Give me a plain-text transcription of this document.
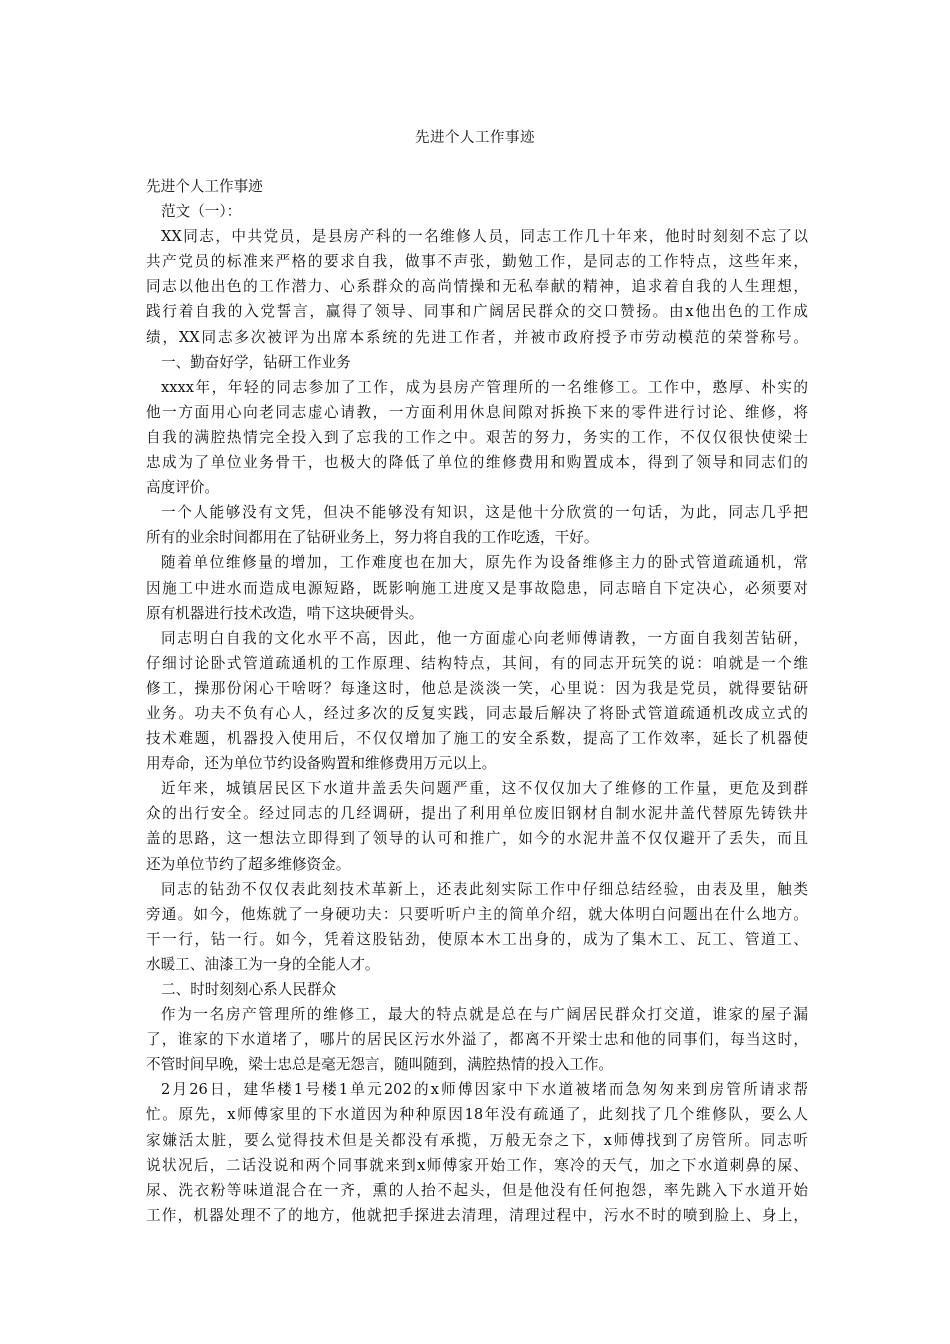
先进个人工作事迹
先进个人工作事迹
范文（一）：
XX同志，中共党员，是县房产科的一名维修人员，同志工作几十年来，他时时刻刻不忘了以
共产党员的标准来严格的要求自我，做事不声张，勤勉工作，是同志的工作特点，这些年来，
同志以他出色的工作潜力、心系群众的高尚情操和无私奉献的精神，追求着自我的人生理想，
践行着自我的入党誓言，赢得了领导、同事和广阔居民群众的交口赞扬。由x他出色的工作成
绩，XX同志多次被评为出席本系统的先进工作者，并被市政府授予市劳动模范的荣誉称号。
一、勤奋好学，钻研工作业务
xxxx年，年轻的同志参加了工作，成为县房产管理所的一名维修工。工作中，憨厚、朴实的
他一方面用心向老同志虚心请教，一方面利用休息间隙对拆换下来的零件进行讨论、维修，将
自我的满腔热情完全投入到了忘我的工作之中。艰苦的努力，务实的工作，不仅仅很快使梁士
忠成为了单位业务骨干，也极大的降低了单位的维修费用和购置成本，得到了领导和同志们的
高度评价。
一个人能够没有文凭，但决不能够没有知识，这是他十分欣赏的一句话，为此，同志几乎把
所有的业余时间都用在了钻研业务上，努力将自我的工作吃透，干好。
随着单位维修量的增加，工作难度也在加大，原先作为设备维修主力的卧式管道疏通机，常
因施工中进水而造成电源短路，既影响施工进度又是事故隐患，同志暗自下定决心，必须要对
原有机器进行技术改造，啃下这块硬骨头。
同志明白自我的文化水平不高，因此，他一方面虚心向老师傅请教，一方面自我刻苦钻研，
仔细讨论卧式管道疏通机的工作原理、结构特点，其间，有的同志开玩笑的说：咱就是一个维
修工，操那份闲心干啥呀？每逢这时，他总是淡淡一笑，心里说：因为我是党员，就得要钻研
业务。功夫不负有心人，经过多次的反复实践，同志最后解决了将卧式管道疏通机改成立式的
技术难题，机器投入使用后，不仅仅增加了施工的安全系数，提高了工作效率，延长了机器使
用寿命，还为单位节约设备购置和维修费用万元以上。
近年来，城镇居民区下水道井盖丢失问题严重，这不仅仅加大了维修的工作量，更危及到群
众的出行安全。经过同志的几经调研，提出了利用单位废旧钢材自制水泥井盖代替原先铸铁井
盖的思路，这一想法立即得到了领导的认可和推广，如今的水泥井盖不仅仅避开了丢失，而且
还为单位节约了超多维修资金。
同志的钻劲不仅仅表此刻技术革新上，还表此刻实际工作中仔细总结经验，由表及里，触类
旁通。如今，他炼就了一身硬功夫：只要听听户主的简单介绍，就大体明白问题出在什么地方。
干一行，钻一行。如今，凭着这股钻劲，使原本木工出身的，成为了集木工、瓦工、管道工、
水暖工、油漆工为一身的全能人才。
二、时时刻刻心系人民群众
作为一名房产管理所的维修工，最大的特点就是总在与广阔居民群众打交道，谁家的屋子漏
了，谁家的下水道堵了，哪片的居民区污水外溢了，都离不开梁士忠和他的同事们，每当这时，
不管时间早晚，梁士忠总是毫无怨言，随叫随到，满腔热情的投入工作。
2月26日，建华楼1号楼1单元202的x师傅因家中下水道被堵而急匆匆来到房管所请求帮
忙。原先，x师傅家里的下水道因为种种原因18年没有疏通了，此刻找了几个维修队，要么人
家嫌活太脏，要么觉得技术但是关都没有承揽，万般无奈之下，x师傅找到了房管所。同志听
说状况后，二话没说和两个同事就来到x师傅家开始工作，寒冷的天气，加之下水道刺鼻的屎、
尿、洗衣粉等味道混合在一齐，熏的人抬不起头，但是他没有任何抱怨，率先跳入下水道开始
工作，机器处理不了的地方，他就把手探进去清理，清理过程中，污水不时的喷到脸上、身上，
